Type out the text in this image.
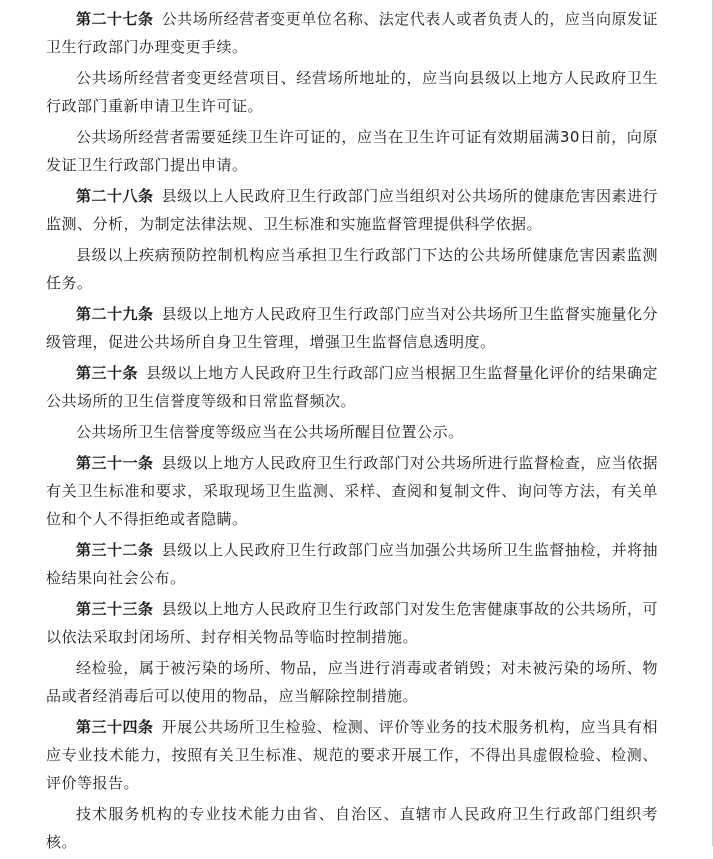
第二十七条 公共场所经营者变更单位名称、法定代表人或者负责人的，应当向原发证卫生行政部门办理变更手续。

公共场所经营者变更经营项目、经营场所地址的，应当向县级以上地方人民政府卫生行政部门重新申请卫生许可证。

公共场所经营者需要延续卫生许可证的，应当在卫生许可证有效期届满30日前，向原发证卫生行政部门提出申请。

第二十八条 县级以上人民政府卫生行政部门应当组织对公共场所的健康危害因素进行监测、分析，为制定法律法规、卫生标准和实施监督管理提供科学依据。

县级以上疾病预防控制机构应当承担卫生行政部门下达的公共场所健康危害因素监测任务。

第二十九条 县级以上地方人民政府卫生行政部门应当对公共场所卫生监督实施量化分级管理，促进公共场所自身卫生管理，增强卫生监督信息透明度。

第三十条 县级以上地方人民政府卫生行政部门应当根据卫生监督量化评价的结果确定公共场所的卫生信誉度等级和日常监督频次。

公共场所卫生信誉度等级应当在公共场所醒目位置公示。

第三十一条 县级以上地方人民政府卫生行政部门对公共场所进行监督检查，应当依据有关卫生标准和要求，采取现场卫生监测、采样、查阅和复制文件、询问等方法，有关单位和个人不得拒绝或者隐瞒。

第三十二条 县级以上人民政府卫生行政部门应当加强公共场所卫生监督抽检，并将抽检结果向社会公布。

第三十三条 县级以上地方人民政府卫生行政部门对发生危害健康事故的公共场所，可以依法采取封闭场所、封存相关物品等临时控制措施。

经检验，属于被污染的场所、物品，应当进行消毒或者销毁；对未被污染的场所、物品或者经消毒后可以使用的物品，应当解除控制措施。

第三十四条 开展公共场所卫生检验、检测、评价等业务的技术服务机构，应当具有相应专业技术能力，按照有关卫生标准、规范的要求开展工作，不得出具虚假检验、检测、评价等报告。

技术服务机构的专业技术能力由省、自治区、直辖市人民政府卫生行政部门组织考核。
